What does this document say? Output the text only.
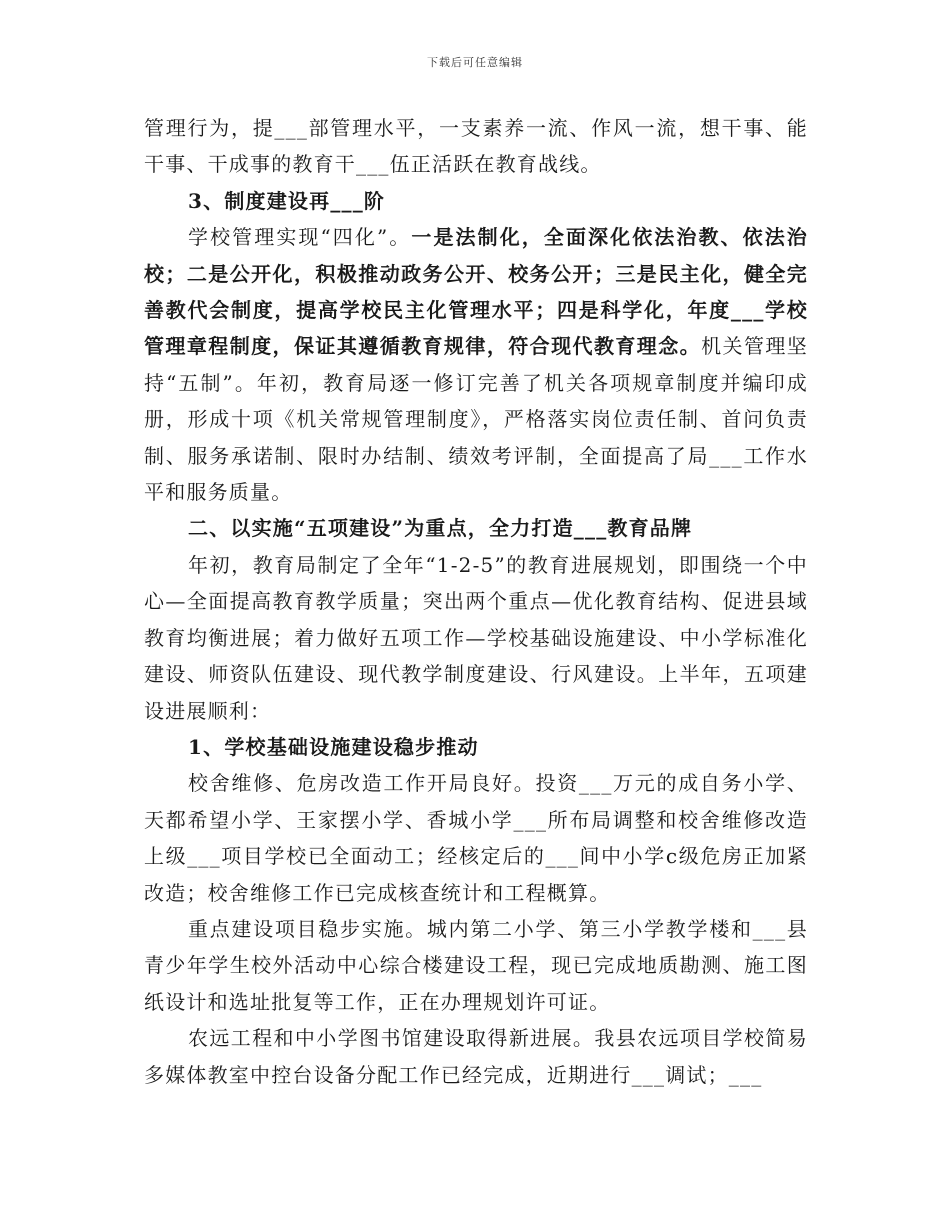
下载后可任意编辑

管理行为，提___部管理水平，一支素养一流、作风一流，想干事、能干事、干成事的教育干___伍正活跃在教育战线。

3、制度建设再___阶

学校管理实现“四化”。一是法制化，全面深化依法治教、依法治校；二是公开化，积极推动政务公开、校务公开；三是民主化，健全完善教代会制度，提高学校民主化管理水平；四是科学化，年度___学校管理章程制度，保证其遵循教育规律，符合现代教育理念。机关管理坚持“五制”。年初，教育局逐一修订完善了机关各项规章制度并编印成册，形成十项《机关常规管理制度》，严格落实岗位责任制、首问负责制、服务承诺制、限时办结制、绩效考评制，全面提高了局___工作水平和服务质量。

二、以实施“五项建设”为重点，全力打造___教育品牌

年初，教育局制定了全年“1-2-5”的教育进展规划，即围绕一个中心—全面提高教育教学质量；突出两个重点—优化教育结构、促进县域教育均衡进展；着力做好五项工作—学校基础设施建设、中小学标准化建设、师资队伍建设、现代教学制度建设、行风建设。上半年，五项建设进展顺利：

1、学校基础设施建设稳步推动

校舍维修、危房改造工作开局良好。投资___万元的成自务小学、天都希望小学、王家摆小学、香城小学___所布局调整和校舍维修改造上级___项目学校已全面动工；经核定后的___间中小学c级危房正加紧改造；校舍维修工作已完成核查统计和工程概算。

重点建设项目稳步实施。城内第二小学、第三小学教学楼和___县青少年学生校外活动中心综合楼建设工程，现已完成地质勘测、施工图纸设计和选址批复等工作，正在办理规划许可证。

农远工程和中小学图书馆建设取得新进展。我县农远项目学校简易多媒体教室中控台设备分配工作已经完成，近期进行___调试；___
